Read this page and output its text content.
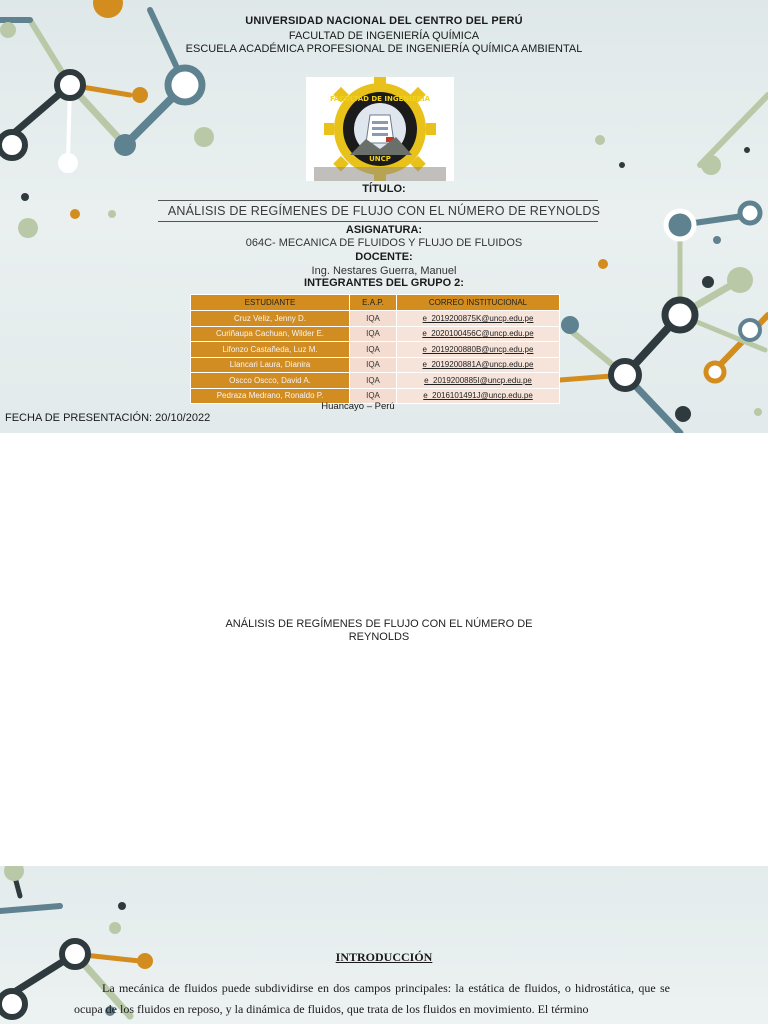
UNIVERSIDAD NACIONAL DEL CENTRO DEL PERÚ
FACULTAD DE INGENIERÍA QUÍMICA
ESCUELA ACADÉMICA PROFESIONAL DE INGENIERÍA QUÍMICA AMBIENTAL
FACULTAD DE INGENIERÍA
UNCP
TÍTULO:
ANÁLISIS DE REGÍMENES DE FLUJO CON EL NÚMERO DE REYNOLDS
ASIGNATURA:
064C- MECANICA DE FLUIDOS Y FLUJO DE FLUIDOS
DOCENTE:
Ing. Nestares Guerra, Manuel
INTEGRANTES DEL GRUPO 2:
ESTUDIANTE	E.A.P.	CORREO INSTITUCIONAL
Cruz Veliz, Jenny D.	IQA	e_2019200875K@uncp.edu.pe
Curiñaupa Cachuan, Wilder E.	IQA	e_2020100456C@uncp.edu.pe
Lifonzo Castañeda, Luz M.	IQA	e_2019200880B@uncp.edu.pe
Llancari Laura, Dianira	IQA	e_2019200881A@uncp.edu.pe
Oscco Oscco, David A.	IQA	e_2019200885I@uncp.edu.pe
Pedraza Medrano, Ronaldo P.	IQA	e_2016101491J@uncp.edu.pe
Huancayo – Perú
FECHA DE PRESENTACIÓN: 20/10/2022
ANÁLISIS DE REGÍMENES DE FLUJO CON EL NÚMERO DE REYNOLDS
INTRODUCCIÓN
La mecánica de fluidos puede subdividirse en dos campos principales: la estática de fluidos, o hidrostática, que se ocupa de los fluidos en reposo, y la dinámica de fluidos, que trata de los fluidos en movimiento. El término
